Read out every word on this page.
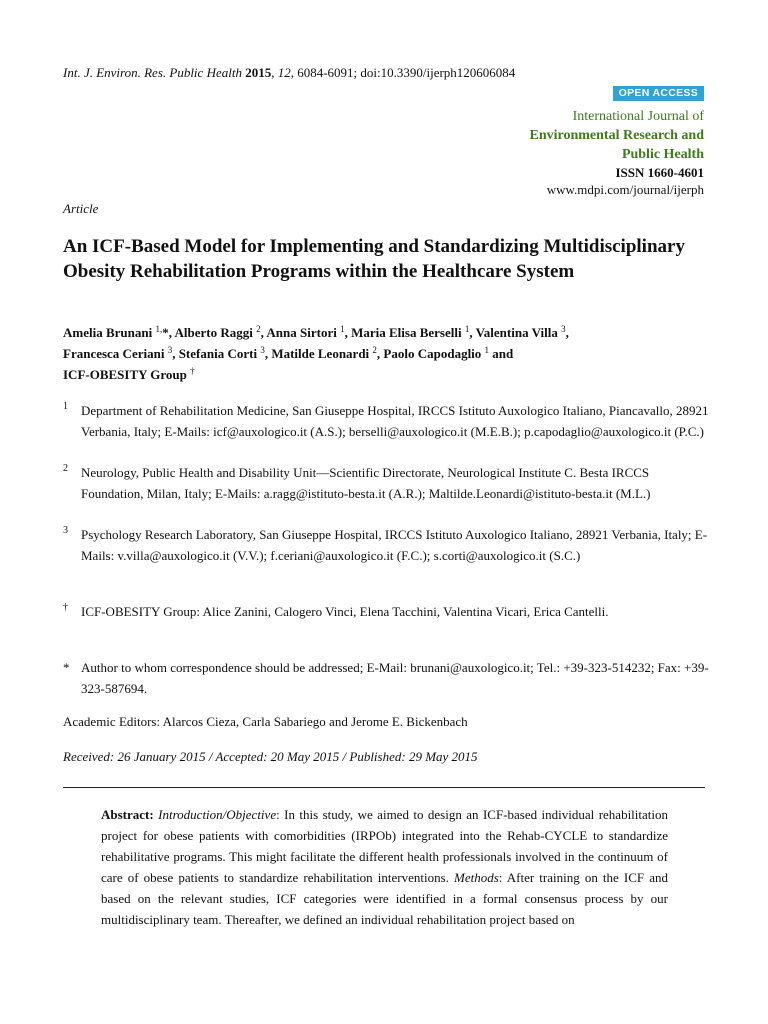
Int. J. Environ. Res. Public Health 2015, 12, 6084-6091; doi:10.3390/ijerph120606084
OPEN ACCESS
International Journal of
Environmental Research and
Public Health
ISSN 1660-4601
www.mdpi.com/journal/ijerph
Article
An ICF-Based Model for Implementing and Standardizing Multidisciplinary Obesity Rehabilitation Programs within the Healthcare System
Amelia Brunani $^{1,}$*, Alberto Raggi $^2$, Anna Sirtori $^1$, Maria Elisa Berselli $^1$, Valentina Villa $^3$,
Francesca Ceriani $^3$, Stefania Corti $^3$, Matilde Leonardi $^2$, Paolo Capodaglio $^1$ and
ICF-OBESITY Group †
1 Department of Rehabilitation Medicine, San Giuseppe Hospital, IRCCS Istituto Auxologico Italiano, Piancavallo, 28921 Verbania, Italy; E-Mails: icf@auxologico.it (A.S.); berselli@auxologico.it (M.E.B.); p.capodaglio@auxologico.it (P.C.)
2 Neurology, Public Health and Disability Unit—Scientific Directorate, Neurological Institute C. Besta IRCCS Foundation, Milan, Italy; E-Mails: a.ragg@istituto-besta.it (A.R.); Maltilde.Leonardi@istituto-besta.it (M.L.)
3 Psychology Research Laboratory, San Giuseppe Hospital, IRCCS Istituto Auxologico Italiano, 28921 Verbania, Italy; E-Mails: v.villa@auxologico.it (V.V.); f.ceriani@auxologico.it (F.C.); s.corti@auxologico.it (S.C.)
† ICF-OBESITY Group: Alice Zanini, Calogero Vinci, Elena Tacchini, Valentina Vicari, Erica Cantelli.
* Author to whom correspondence should be addressed; E-Mail: brunani@auxologico.it; Tel.: +39-323-514232; Fax: +39-323-587694.
Academic Editors: Alarcos Cieza, Carla Sabariego and Jerome E. Bickenbach
Received: 26 January 2015 / Accepted: 20 May 2015 / Published: 29 May 2015
Abstract: Introduction/Objective: In this study, we aimed to design an ICF-based individual rehabilitation project for obese patients with comorbidities (IRPOb) integrated into the Rehab-CYCLE to standardize rehabilitative programs. This might facilitate the different health professionals involved in the continuum of care of obese patients to standardize rehabilitation interventions. Methods: After training on the ICF and based on the relevant studies, ICF categories were identified in a formal consensus process by our multidisciplinary team. Thereafter, we defined an individual rehabilitation project based on
